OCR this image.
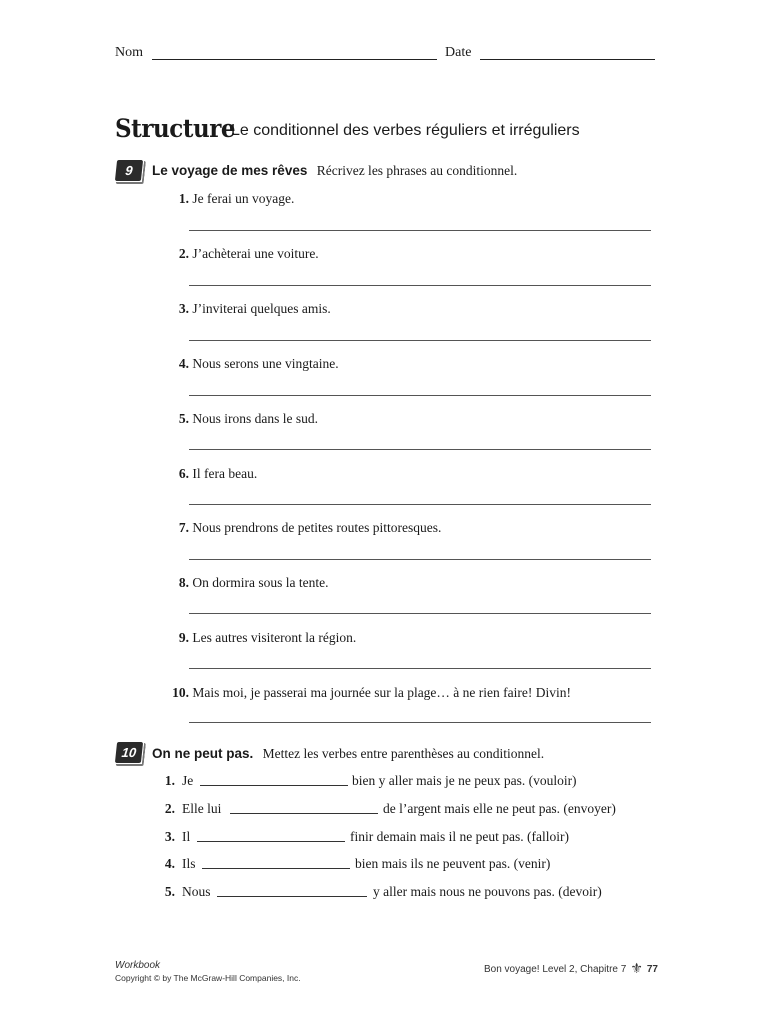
Nom	Date
Structure
Le conditionnel des verbes réguliers et irréguliers
9	Le voyage de mes rêves Récrivez les phrases au conditionnel.
1 . Je ferai un voyage.
2 . J’achèterai une voiture.
3 . J’inviterai quelques amis.
4 . Nous serons une vingtaine.
5 . Nous irons dans le sud.
6 . Il fera beau.
7 . Nous prendrons de petites routes pittoresques.
8 . On dormira sous la tente.
9 . Les autres visiteront la région.
10 . Mais moi, je passerai ma journée sur la plage… à ne rien faire! Divin!
10	On ne peut pas. Mettez les verbes entre parenthèses au conditionnel.
1 . Je	bien y aller mais je ne peux pas. (vouloir)
2 . Elle lui	de l’argent mais elle ne peut pas. (envoyer)
3 . Il	finir demain mais il ne peut pas. (falloir)
4 . Ils	bien mais ils ne peuvent pas. (venir)
5 . Nous	y aller mais nous ne pouvons pas. (devoir)
Workbook
Copyright © by The McGraw-Hill Companies, Inc.
Bon voyage! Level 2, Chapitre 7 ⚜ 77
